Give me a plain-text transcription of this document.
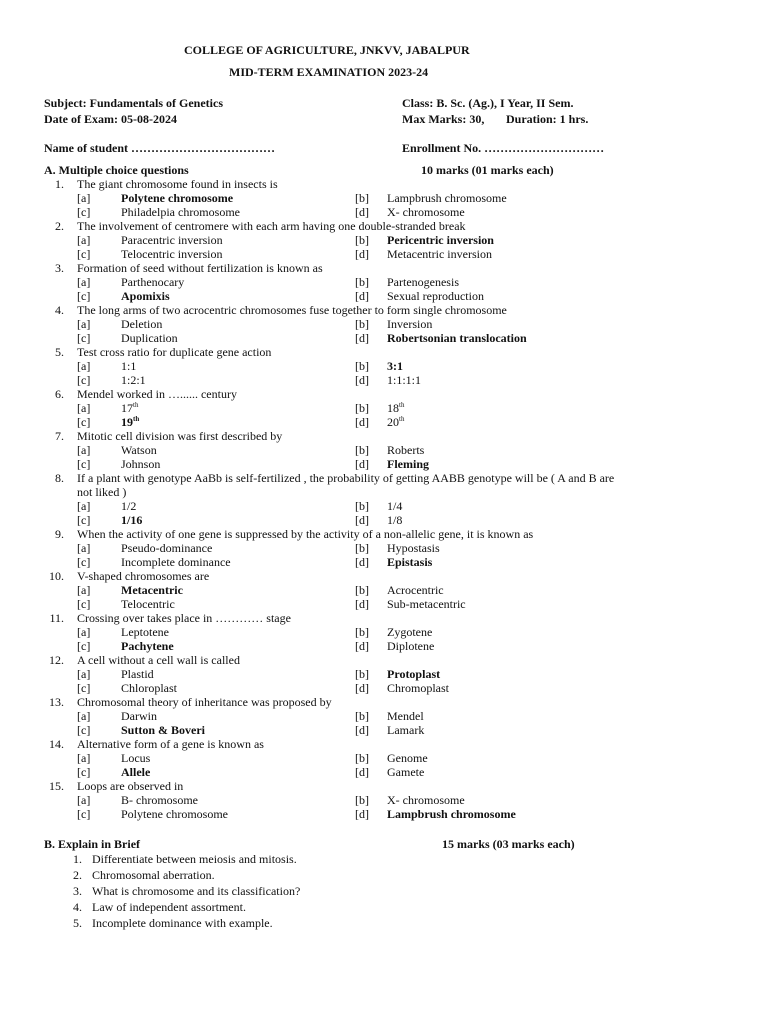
COLLEGE OF AGRICULTURE, JNKVV, JABALPUR
MID-TERM EXAMINATION 2023-24
Subject: Fundamentals of Genetics	Class: B. Sc. (Ag.), I Year, II Sem.
Date of Exam: 05-08-2024	Max Marks: 30, Duration: 1 hrs.
Name of student ………………………………	Enrollment No. …………………………
A. Multiple choice questions	10 marks (01 marks each)
1. The giant chromosome found in insects is
[a]	Polytene chromosome	[b] Lampbrush chromosome
[c]	Philadelpia chromosome	[d] X- chromosome
2. The involvement of centromere with each arm having one double-stranded break
[a]	Paracentric inversion	[b] Pericentric inversion
[c]	Telocentric inversion	[d] Metacentric inversion
3. Formation of seed without fertilization is known as
[a]	Parthenocary	[b] Partenogenesis
[c]	Apomixis	[d] Sexual reproduction
4. The long arms of two acrocentric chromosomes fuse together to form single chromosome
[a]	Deletion	[b] Inversion
[c]	Duplication	[d] Robertsonian translocation
5. Test cross ratio for duplicate gene action
[a]	1:1	[b] 3:1
[c]	1:2:1	[d] 1:1:1:1
6. Mendel worked in …...... century
[a]	17th	[b] 18th
[c]	19th	[d] 20th
7. Mitotic cell division was first described by
[a]	Watson	[b] Roberts
[c]	Johnson	[d] Fleming
8. If a plant with genotype AaBb is self-fertilized , the probability of getting AABB genotype will be ( A and B are not liked )
[a]	1/2	[b] 1/4
[c]	1/16	[d] 1/8
9. When the activity of one gene is suppressed by the activity of a non-allelic gene, it is known as
[a]	Pseudo-dominance	[b] Hypostasis
[c]	Incomplete dominance	[d] Epistasis
10. V-shaped chromosomes are
[a]	Metacentric	[b] Acrocentric
[c]	Telocentric	[d] Sub-metacentric
11. Crossing over takes place in ………… stage
[a]	Leptotene	[b] Zygotene
[c]	Pachytene	[d] Diplotene
12. A cell without a cell wall is called
[a]	Plastid	[b] Protoplast
[c]	Chloroplast	[d] Chromoplast
13. Chromosomal theory of inheritance was proposed by
[a]	Darwin	[b] Mendel
[c]	Sutton & Boveri	[d] Lamark
14. Alternative form of a gene is known as
[a]	Locus	[b] Genome
[c]	Allele	[d] Gamete
15. Loops are observed in
[a]	B- chromosome	[b] X- chromosome
[c]	Polytene chromosome	[d] Lampbrush chromosome
B. Explain in Brief	15 marks (03 marks each)
1. Differentiate between meiosis and mitosis.
2. Chromosomal aberration.
3. What is chromosome and its classification?
4. Law of independent assortment.
5. Incomplete dominance with example.
